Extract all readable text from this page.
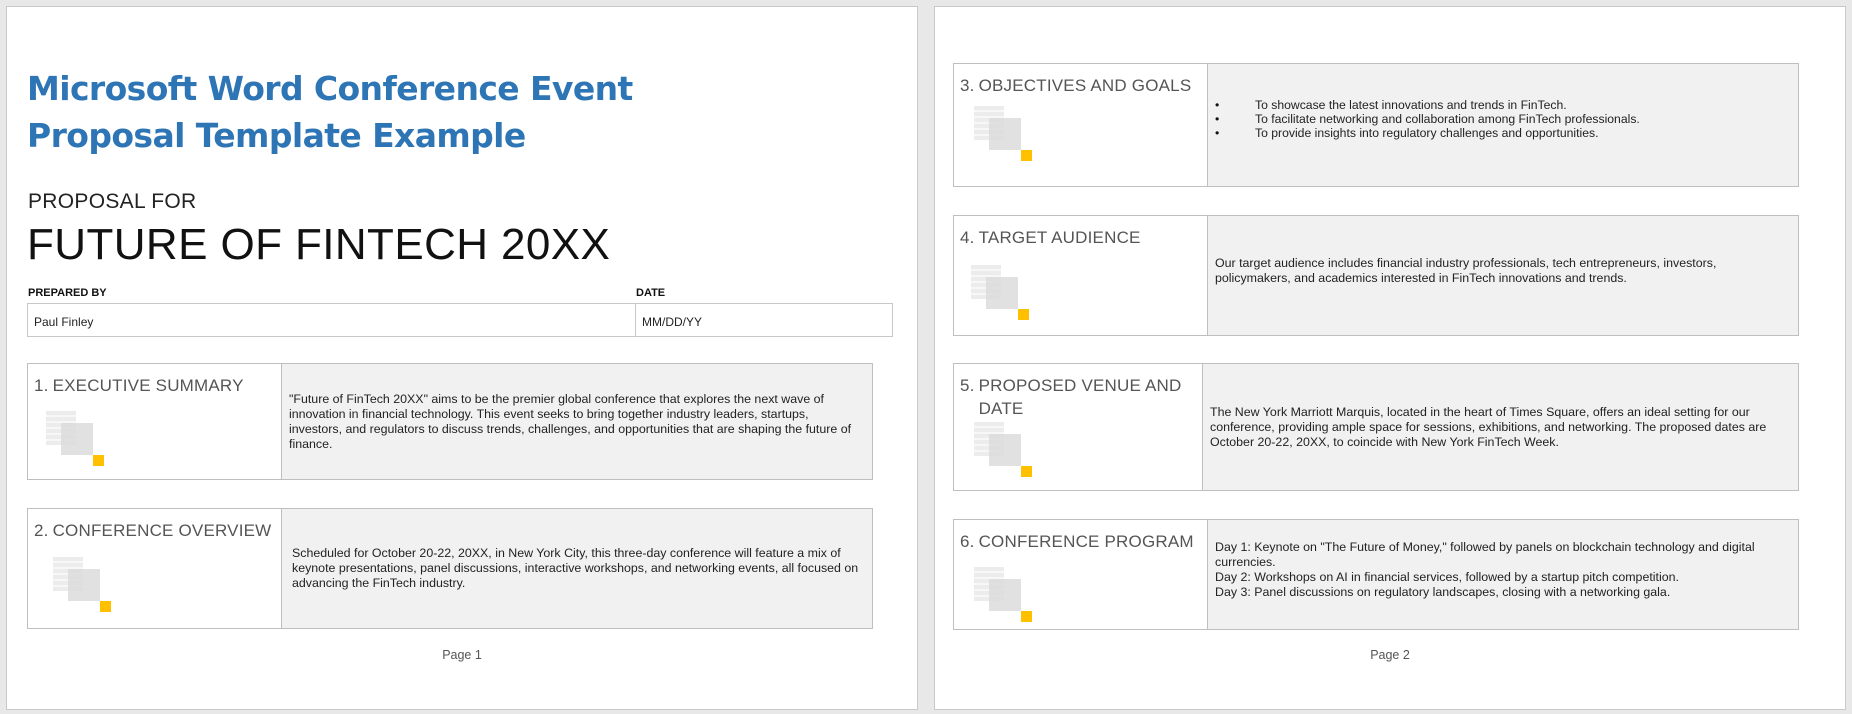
Microsoft Word Conference Event Proposal Template Example
PROPOSAL FOR
FUTURE OF FINTECH 20XX
PREPARED BY	DATE
Paul Finley	MM/DD/YY
1. EXECUTIVE SUMMARY
"Future of FinTech 20XX" aims to be the premier global conference that explores the next wave of innovation in financial technology. This event seeks to bring together industry leaders, startups, investors, and regulators to discuss trends, challenges, and opportunities that are shaping the future of finance.
2. CONFERENCE OVERVIEW
Scheduled for October 20-22, 20XX, in New York City, this three-day conference will feature a mix of keynote presentations, panel discussions, interactive workshops, and networking events, all focused on advancing the FinTech industry.
Page 1
3. OBJECTIVES AND GOALS
• To showcase the latest innovations and trends in FinTech.
• To facilitate networking and collaboration among FinTech professionals.
• To provide insights into regulatory challenges and opportunities.
4. TARGET AUDIENCE
Our target audience includes financial industry professionals, tech entrepreneurs, investors, policymakers, and academics interested in FinTech innovations and trends.
5. PROPOSED VENUE AND DATE	The New York Marriott Marquis, located in the heart of Times Square, offers an ideal setting for our conference, providing ample space for sessions, exhibitions, and networking. The proposed dates are October 20-22, 20XX, to coincide with New York FinTech Week.
6. CONFERENCE PROGRAM	Day 1: Keynote on "The Future of Money," followed by panels on blockchain technology and digital currencies.
Day 2: Workshops on AI in financial services, followed by a startup pitch competition.
Day 3: Panel discussions on regulatory landscapes, closing with a networking gala.
Page 2
